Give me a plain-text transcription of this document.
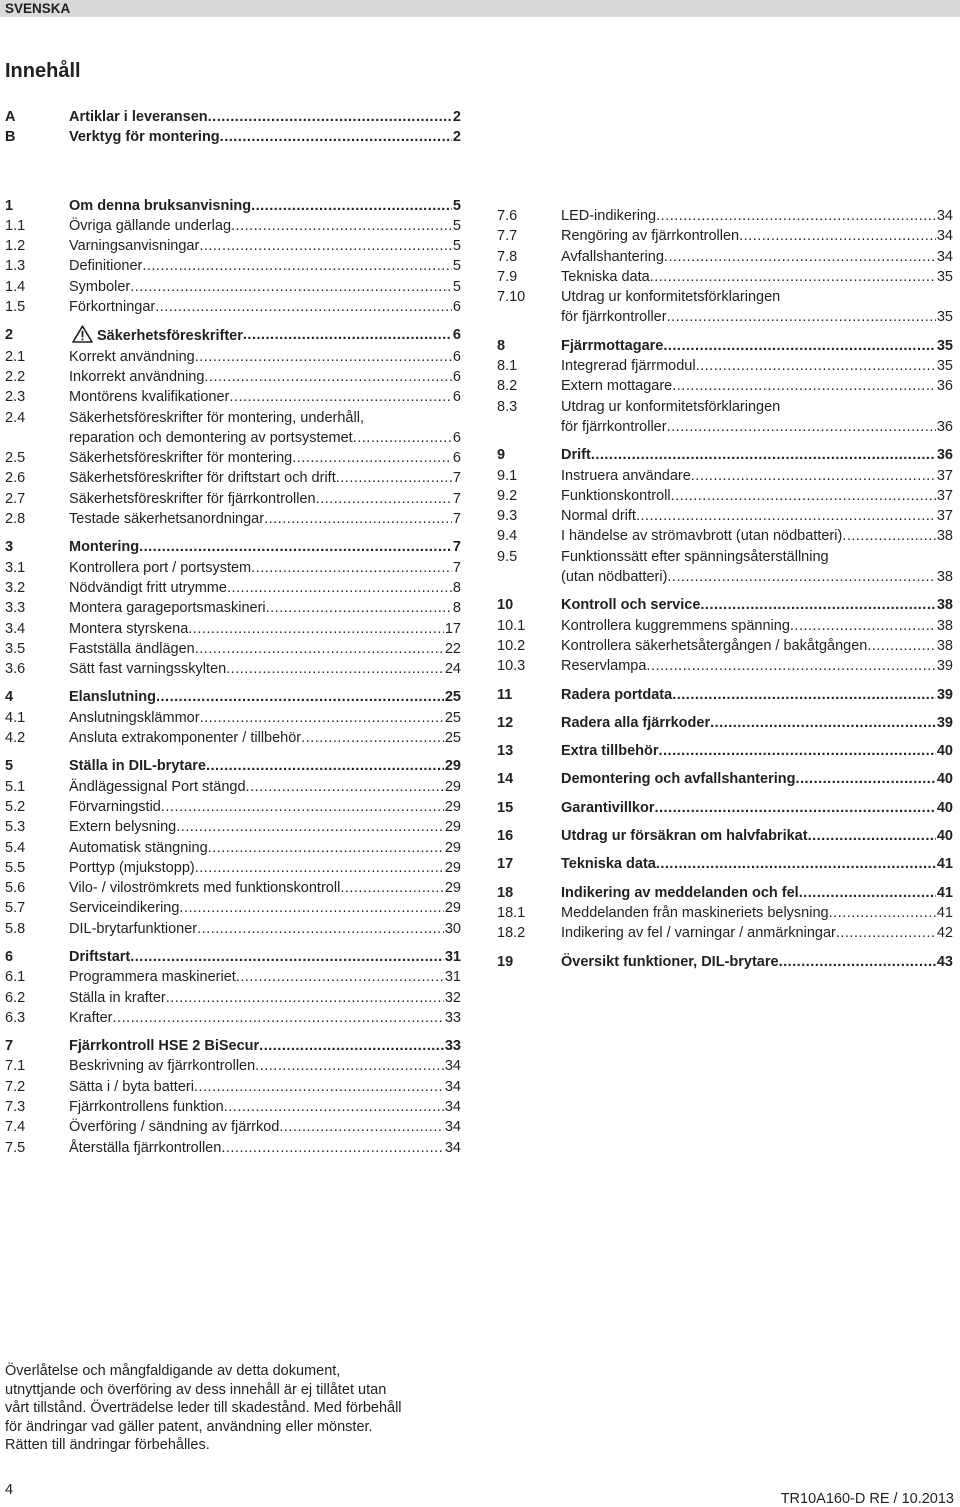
SVENSKA
Innehåll
A	Artiklar i leveransen .....	2
B	Verktyg för montering .....	2
1	Om denna bruksanvisning .....	5
1.1	Övriga gällande underlag .....	5
1.2	Varningsanvisningar .....	5
1.3	Definitioner .....	5
1.4	Symboler .....	5
1.5	Förkortningar .....	6
2	Säkerhetsföreskrifter .....	6
2.1	Korrekt användning .....	6
2.2	Inkorrekt användning .....	6
2.3	Montörens kvalifikationer .....	6
2.4	Säkerhetsföreskrifter för montering, underhåll,
reparation och demontering av portsystemet .....	6
2.5	Säkerhetsföreskrifter för montering .....	6
2.6	Säkerhetsföreskrifter för driftstart och drift .....	7
2.7	Säkerhetsföreskrifter för fjärrkontrollen .....	7
2.8	Testade säkerhetsanordningar .....	7
3	Montering .....	7
3.1	Kontrollera port / portsystem .....	7
3.2	Nödvändigt fritt utrymme .....	8
3.3	Montera garageportsmaskineri .....	8
3.4	Montera styrskena .....	17
3.5	Fastställa ändlägen .....	22
3.6	Sätt fast varningsskylten .....	24
4	Elanslutning .....	25
4.1	Anslutningsklämmor .....	25
4.2	Ansluta extrakomponenter / tillbehör .....	25
5	Ställa in DIL-brytare .....	29
5.1	Ändlägessignal Port stängd .....	29
5.2	Förvarningstid .....	29
5.3	Extern belysning .....	29
5.4	Automatisk stängning .....	29
5.5	Porttyp (mjukstopp) .....	29
5.6	Vilo- / viloströmkrets med funktionskontroll .....	29
5.7	Serviceindikering .....	29
5.8	DIL-brytarfunktioner .....	30
6	Driftstart .....	31
6.1	Programmera maskineriet .....	31
6.2	Ställa in krafter .....	32
6.3	Krafter .....	33
7	Fjärrkontroll HSE 2 BiSecur .....	33
7.1	Beskrivning av fjärrkontrollen .....	34
7.2	Sätta i / byta batteri .....	34
7.3	Fjärrkontrollens funktion .....	34
7.4	Överföring / sändning av fjärrkod .....	34
7.5	Återställa fjärrkontrollen .....	34
7.6	LED-indikering .....	34
7.7	Rengöring av fjärrkontrollen .....	34
7.8	Avfallshantering .....	34
7.9	Tekniska data .....	35
7.10	Utdrag ur konformitetsförklaringen
för fjärrkontroller .....	35
8	Fjärrmottagare .....	35
8.1	Integrerad fjärrmodul .....	35
8.2	Extern mottagare .....	36
8.3	Utdrag ur konformitetsförklaringen
för fjärrkontroller .....	36
9	Drift .....	36
9.1	Instruera användare .....	37
9.2	Funktionskontroll .....	37
9.3	Normal drift .....	37
9.4	I händelse av strömavbrott (utan nödbatteri) .....	38
9.5	Funktionssätt efter spänningsåterställning
(utan nödbatteri) .....	38
10	Kontroll och service .....	38
10.1	Kontrollera kuggremmens spänning .....	38
10.2	Kontrollera säkerhetsåtergången / bakåtgången .....	38
10.3	Reservlampa .....	39
11	Radera portdata .....	39
12	Radera alla fjärrkoder .....	39
13	Extra tillbehör .....	40
14	Demontering och avfallshantering .....	40
15	Garantivillkor .....	40
16	Utdrag ur försäkran om halvfabrikat .....	40
17	Tekniska data .....	41
18	Indikering av meddelanden och fel .....	41
18.1	Meddelanden från maskineriets belysning .....	41
18.2	Indikering av fel / varningar / anmärkningar .....	42
19	Översikt funktioner, DIL-brytare .....	43

Överlåtelse och mångfaldigande av detta dokument,

utnyttjande och överföring av dess innehåll är ej tillåtet utan

vårt tillstånd. Överträdelse leder till skadestånd. Med förbehåll

för ändringar vad gäller patent, användning eller mönster.

Rätten till ändringar förbehålles.

4
TR10A160-D RE / 10.2013
